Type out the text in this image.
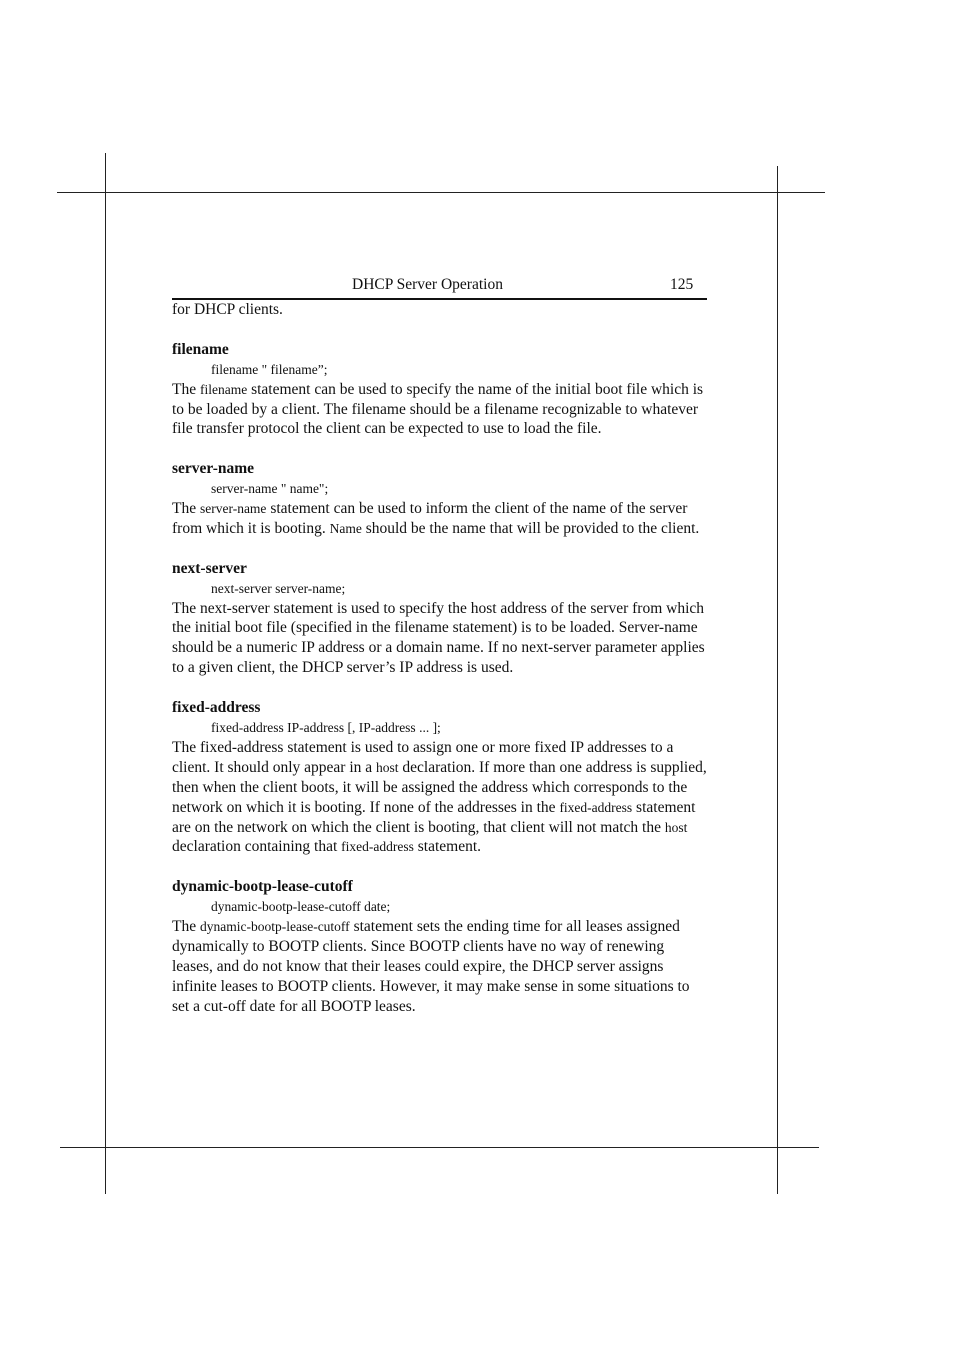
DHCP Server Operation	125

for DHCP clients.

filename

filename " filename”;

The filename statement can be used to specify the name of the initial boot file which is to be loaded by a client. The filename should be a filename recognizable to whatever file transfer protocol the client can be expected to use to load the file.

server-name

server-name " name";

The server-name statement can be used to inform the client of the name of the server from which it is booting. Name should be the name that will be provided to the client.

next-server

next-server server-name;

The next-server statement is used to specify the host address of the server from which the initial boot file (specified in the filename statement) is to be loaded. Server-name should be a numeric IP address or a domain name. If no next-server parameter applies to a given client, the DHCP server’s IP address is used.

fixed-address

fixed-address IP-address [, IP-address ... ];

The fixed-address statement is used to assign one or more fixed IP addresses to a client. It should only appear in a host declaration. If more than one address is supplied, then when the client boots, it will be assigned the address which corresponds to the network on which it is booting. If none of the addresses in the fixed-address statement are on the network on which the client is booting, that client will not match the host declaration containing that fixed-address statement.

dynamic-bootp-lease-cutoff

dynamic-bootp-lease-cutoff date;

The dynamic-bootp-lease-cutoff statement sets the ending time for all leases assigned dynamically to BOOTP clients. Since BOOTP clients have no way of renewing leases, and do not know that their leases could expire, the DHCP server assigns infinite leases to BOOTP clients. However, it may make sense in some situations to set a cut-off date for all BOOTP leases.
